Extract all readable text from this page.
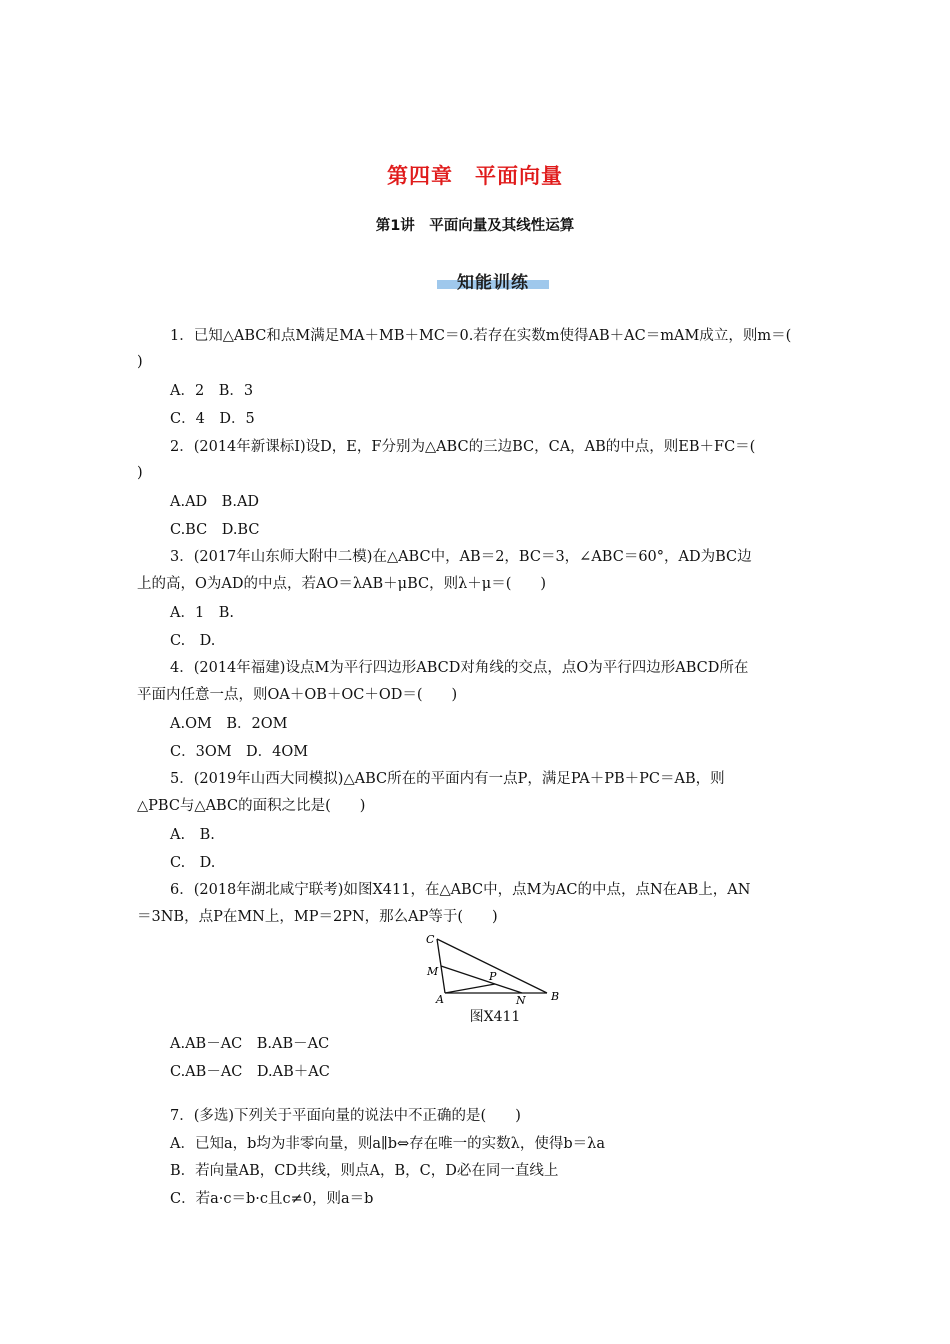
第四章　平面向量
第1讲　平面向量及其线性运算
知能训练
1．已知△ABC和点M满足MA＋MB＋MC＝0.若存在实数m使得AB＋AC＝mAM成立，则m＝(
)
A．2　B．3
C．4　D．5
2．(2014年新课标Ⅰ)设D，E，F分别为△ABC的三边BC，CA，AB的中点，则EB＋FC＝(
)
A.AD　B.AD
C.BC　D.BC
3．(2017年山东师大附中二模)在△ABC中，AB＝2，BC＝3，∠ABC＝60°，AD为BC边
上的高，O为AD的中点，若AO＝λAB＋μBC，则λ＋μ＝(　　)
A．1　B.
C.　D.
4．(2014年福建)设点M为平行四边形ABCD对角线的交点，点O为平行四边形ABCD所在
平面内任意一点，则OA＋OB＋OC＋OD＝(　　)
A.OM　B．2OM
C．3OM　D．4OM
5．(2019年山西大同模拟)△ABC所在的平面内有一点P，满足PA＋PB＋PC＝AB，则
△PBC与△ABC的面积之比是(　　)
A.　B.
C.　D.
6．(2018年湖北咸宁联考)如图X411，在△ABC中，点M为AC的中点，点N在AB上，AN
＝3NB，点P在MN上，MP＝2PN，那么AP等于(　　)
C
M	P
A	N B
图X411
A.AB－AC　B.AB－AC
C.AB－AC　D.AB＋AC
7．(多选)下列关于平面向量的说法中不正确的是(　　)
A．已知a，b均为非零向量，则a∥b⇔存在唯一的实数λ，使得b＝λa
B．若向量AB，CD共线，则点A，B，C，D必在同一直线上
C．若a·c＝b·c且c≠0，则a＝b
